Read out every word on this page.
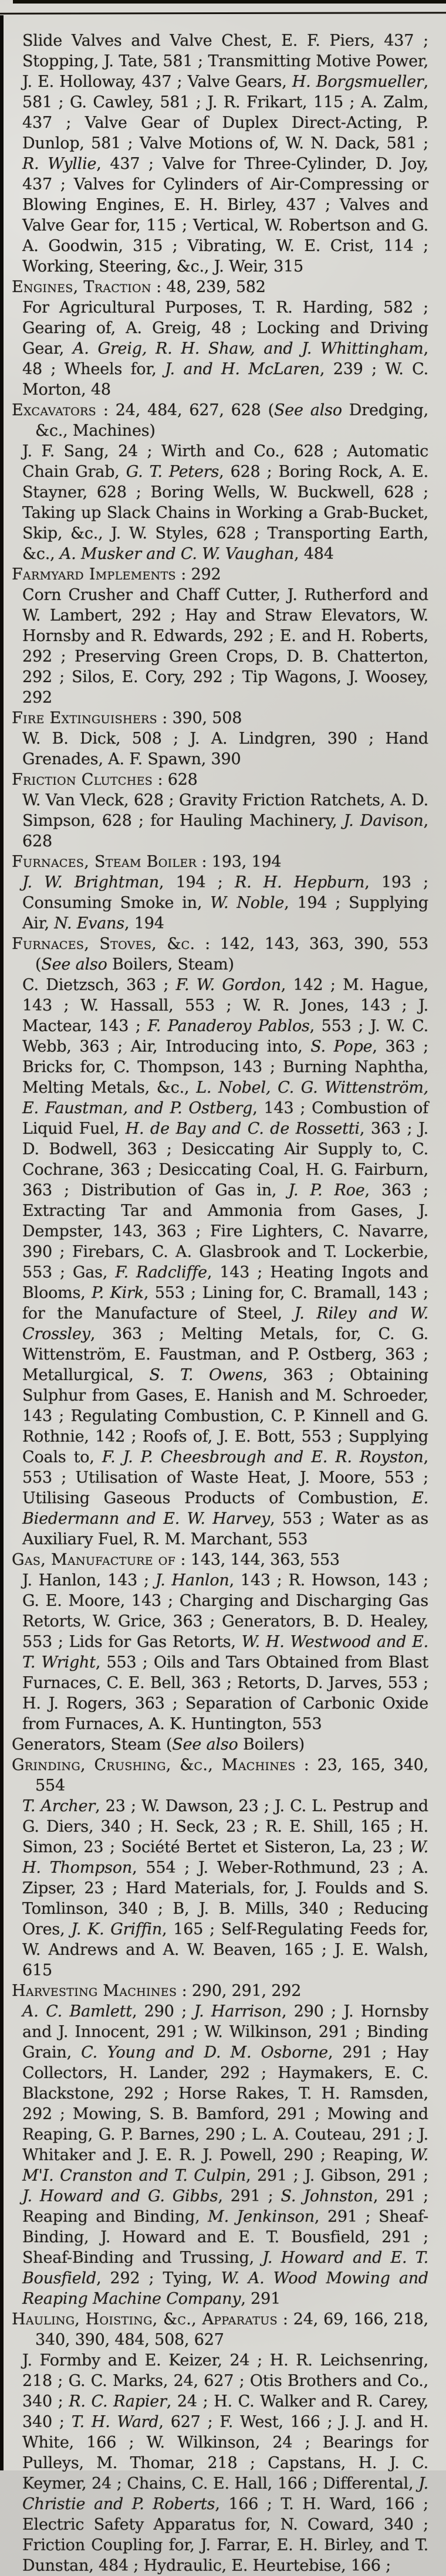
Slide Valves and Valve Chest, E. F. Piers, 437 ; Stopping, J. Tate, 581 ; Transmitting Motive Power, J. E. Holloway, 437 ; Valve Gears, H. Borgsmueller, 581 ; G. Cawley, 581 ; J. R. Frikart, 115 ; A. Zalm, 437 ; Valve Gear of Duplex Direct-Acting, P. Dunlop, 581 ; Valve Motions of, W. N. Dack, 581 ; R. Wyllie, 437 ; Valve for Three-Cylinder, D. Joy, 437 ; Valves for Cylinders of Air-Compressing or Blowing Engines, E. H. Birley, 437 ; Valves and Valve Gear for, 115 ; Vertical, W. Robertson and G. A. Goodwin, 315 ; Vibrating, W. E. Crist, 114 ; Working, Steering, &c., J. Weir, 315

Engines, Traction : 48, 239, 582

For Agricultural Purposes, T. R. Harding, 582 ; Gearing of, A. Greig, 48 ; Locking and Driving Gear, A. Greig, R. H. Shaw, and J. Whittingham, 48 ; Wheels for, J. and H. McLaren, 239 ; W. C. Morton, 48

Excavators : 24, 484, 627, 628 (See also Dredging, &c., Machines)

J. F. Sang, 24 ; Wirth and Co., 628 ; Automatic Chain Grab, G. T. Peters, 628 ; Boring Rock, A. E. Stayner, 628 ; Boring Wells, W. Buckwell, 628 ; Taking up Slack Chains in Working a Grab-Bucket, Skip, &c., J. W. Styles, 628 ; Transporting Earth, &c., A. Musker and C. W. Vaughan, 484

Farmyard Implements : 292

Corn Crusher and Chaff Cutter, J. Rutherford and W. Lambert, 292 ; Hay and Straw Elevators, W. Hornsby and R. Edwards, 292 ; E. and H. Roberts, 292 ; Preserving Green Crops, D. B. Chatterton, 292 ; Silos, E. Cory, 292 ; Tip Wagons, J. Woosey, 292

Fire Extinguishers : 390, 508

W. B. Dick, 508 ; J. A. Lindgren, 390 ; Hand Grenades, A. F. Spawn, 390

Friction Clutches : 628

W. Van Vleck, 628 ; Gravity Friction Ratchets, A. D. Simpson, 628 ; for Hauling Machinery, J. Davison, 628

Furnaces, Steam Boiler : 193, 194

J. W. Brightman, 194 ; R. H. Hepburn, 193 ; Consuming Smoke in, W. Noble, 194 ; Supplying Air, N. Evans, 194

Furnaces, Stoves, &c. : 142, 143, 363, 390, 553 (See also Boilers, Steam)

C. Dietzsch, 363 ; F. W. Gordon, 142 ; M. Hague, 143 ; W. Hassall, 553 ; W. R. Jones, 143 ; J. Mactear, 143 ; F. Panaderoy Pablos, 553 ; J. W. C. Webb, 363 ; Air, Introducing into, S. Pope, 363 ; Bricks for, C. Thompson, 143 ; Burning Naphtha, Melting Metals, &c., L. Nobel, C. G. Wittenström, E. Faustman, and P. Ostberg, 143 ; Combustion of Liquid Fuel, H. de Bay and C. de Rossetti, 363 ; J. D. Bodwell, 363 ; Desiccating Air Supply to, C. Cochrane, 363 ; Desiccating Coal, H. G. Fairburn, 363 ; Distribution of Gas in, J. P. Roe, 363 ; Extracting Tar and Ammonia from Gases, J. Dempster, 143, 363 ; Fire Lighters, C. Navarre, 390 ; Firebars, C. A. Glasbrook and T. Lockerbie, 553 ; Gas, F. Radcliffe, 143 ; Heating Ingots and Blooms, P. Kirk, 553 ; Lining for, C. Bramall, 143 ; for the Manufacture of Steel, J. Riley and W. Crossley, 363 ; Melting Metals, for, C. G. Wittenström, E. Faustman, and P. Ostberg, 363 ; Metallurgical, S. T. Owens, 363 ; Obtaining Sulphur from Gases, E. Hanish and M. Schroeder, 143 ; Regulating Combustion, C. P. Kinnell and G. Rothnie, 142 ; Roofs of, J. E. Bott, 553 ; Supplying Coals to, F. J. P. Cheesbrough and E. R. Royston, 553 ; Utilisation of Waste Heat, J. Moore, 553 ; Utilising Gaseous Products of Combustion, E. Biedermann and E. W. Harvey, 553 ; Water as as Auxiliary Fuel, R. M. Marchant, 553

Gas, Manufacture of : 143, 144, 363, 553

J. Hanlon, 143 ; J. Hanlon, 143 ; R. Howson, 143 ; G. E. Moore, 143 ; Charging and Discharging Gas Retorts, W. Grice, 363 ; Generators, B. D. Healey, 553 ; Lids for Gas Retorts, W. H. Westwood and E. T. Wright, 553 ; Oils and Tars Obtained from Blast Furnaces, C. E. Bell, 363 ; Retorts, D. Jarves, 553 ; H. J. Rogers, 363 ; Separation of Carbonic Oxide from Furnaces, A. K. Huntington, 553

Generators, Steam (See also Boilers)

Grinding, Crushing, &c., Machines : 23, 165, 340, 554

T. Archer, 23 ; W. Dawson, 23 ; J. C. L. Pestrup and G. Diers, 340 ; H. Seck, 23 ; R. E. Shill, 165 ; H. Simon, 23 ; Société Bertet et Sisteron, La, 23 ; W. H. Thompson, 554 ; J. Weber-Rothmund, 23 ; A. Zipser, 23 ; Hard Materials, for, J. Foulds and S. Tomlinson, 340 ; B, J. B. Mills, 340 ; Reducing Ores, J. K. Griffin, 165 ; Self-Regulating Feeds for, W. Andrews and A. W. Beaven, 165 ; J. E. Walsh, 615

Harvesting Machines : 290, 291, 292

A. C. Bamlett, 290 ; J. Harrison, 290 ; J. Hornsby and J. Innocent, 291 ; W. Wilkinson, 291 ; Binding Grain, C. Young and D. M. Osborne, 291 ; Hay Collectors, H. Lander, 292 ; Haymakers, E. C. Blackstone, 292 ; Horse Rakes, T. H. Ramsden, 292 ; Mowing, S. B. Bamford, 291 ; Mowing and Reaping, G. P. Barnes, 290 ; L. A. Couteau, 291 ; J. Whitaker and J. E. R. J. Powell, 290 ; Reaping, W. M'I. Cranston and T. Culpin, 291 ; J. Gibson, 291 ; J. Howard and G. Gibbs, 291 ; S. Johnston, 291 ; Reaping and Binding, M. Jenkinson, 291 ; Sheaf-Binding, J. Howard and E. T. Bousfield, 291 ; Sheaf-Binding and Trussing, J. Howard and E. T. Bousfield, 292 ; Tying, W. A. Wood Mowing and Reaping Machine Company, 291

Hauling, Hoisting, &c., Apparatus : 24, 69, 166, 218, 340, 390, 484, 508, 627

J. Formby and E. Keizer, 24 ; H. R. Leichsenring, 218 ; G. C. Marks, 24, 627 ; Otis Brothers and Co., 340 ; R. C. Rapier, 24 ; H. C. Walker and R. Carey, 340 ; T. H. Ward, 627 ; F. West, 166 ; J. J. and H. White, 166 ; W. Wilkinson, 24 ; Bearings for Pulleys, M. Thomar, 218 ; Capstans, H. J. C. Keymer, 24 ; Chains, C. E. Hall, 166 ; Differental, J. Christie and P. Roberts, 166 ; T. H. Ward, 166 ; Electric Safety Apparatus for, N. Coward, 340 ; Friction Coupling for, J. Farrar, E. H. Birley, and T. Dunstan, 484 ; Hydraulic, E. Heurtebise, 166 ;
